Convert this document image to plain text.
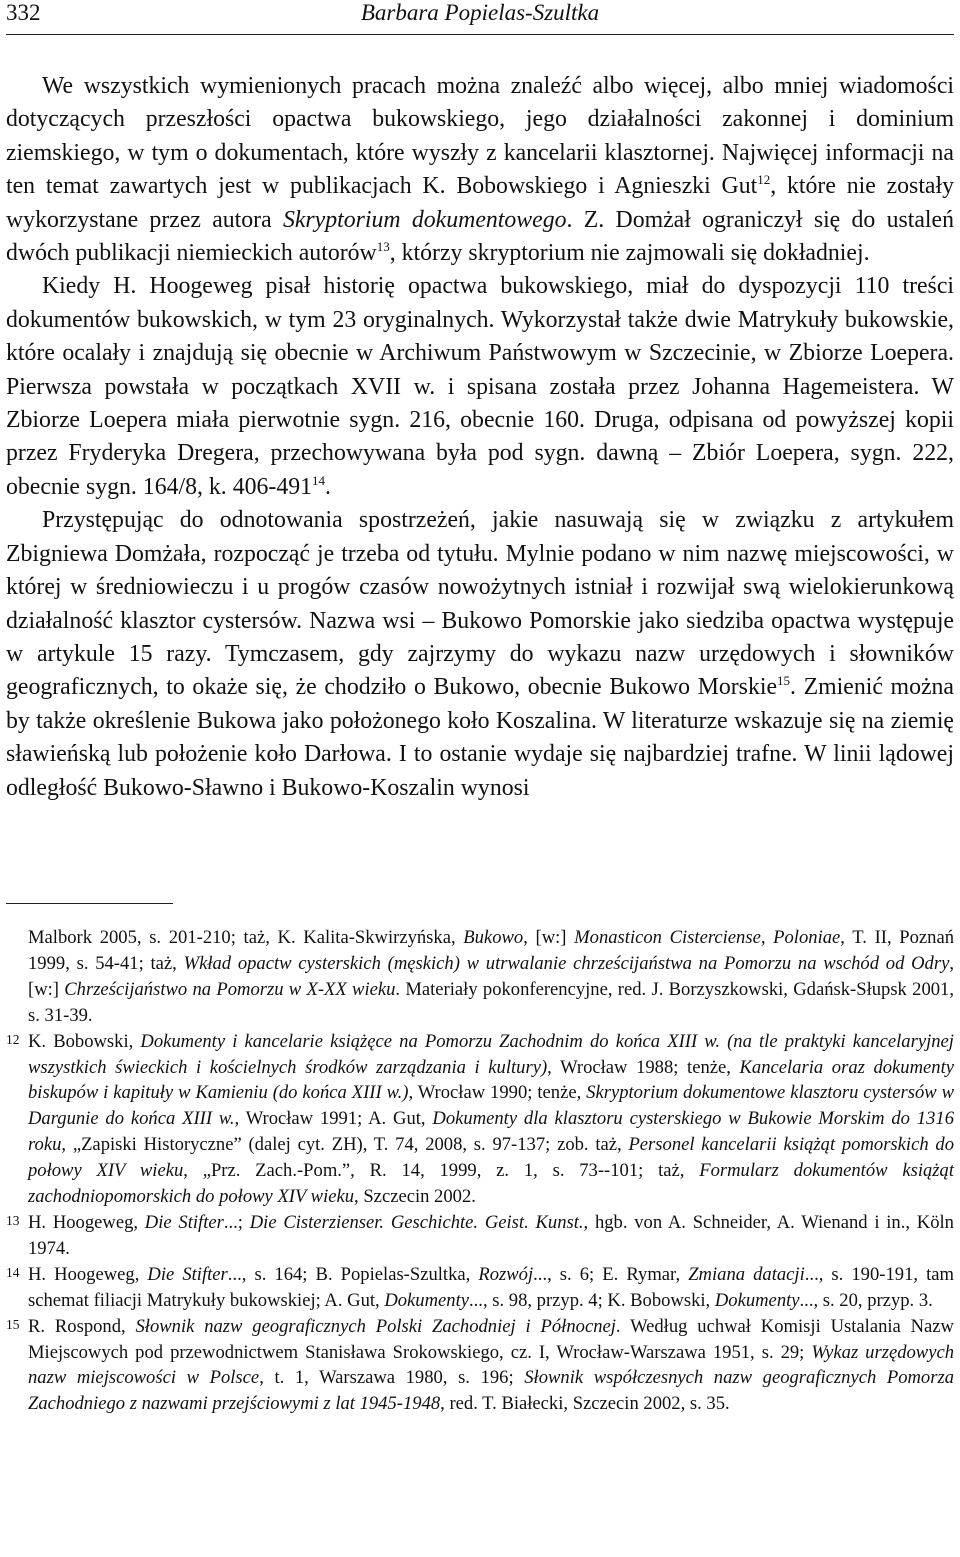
332	Barbara Popielas-Szultka

We wszystkich wymienionych pracach można znaleźć albo więcej, albo mniej wiadomości dotyczących przeszłości opactwa bukowskiego, jego działalności zakonnej i dominium ziemskiego, w tym o dokumentach, które wyszły z kancelarii klasztornej. Najwięcej informacji na ten temat zawartych jest w publikacjach K. Bobowskiego i Agnieszki Gut$^{12}$, które nie zostały wykorzystane przez autora Skryptorium dokumentowego. Z. Domżał ograniczył się do ustaleń dwóch publikacji niemieckich autorów$^{13}$, którzy skryptorium nie zajmowali się dokładniej.

Kiedy H. Hoogeweg pisał historię opactwa bukowskiego, miał do dyspozycji 110 treści dokumentów bukowskich, w tym 23 oryginalnych. Wykorzystał także dwie Matrykuły bukowskie, które ocalały i znajdują się obecnie w Archiwum Państwowym w Szczecinie, w Zbiorze Loepera. Pierwsza powstała w początkach XVII w. i spisana została przez Johanna Hagemeistera. W Zbiorze Loepera miała pierwotnie sygn. 216, obecnie 160. Druga, odpisana od powyższej kopii przez Fryderyka Dregera, przechowywana była pod sygn. dawną – Zbiór Loepera, sygn. 222, obecnie sygn. 164/8, k. $406-491^{14}$.

Przystępując do odnotowania spostrzeżeń, jakie nasuwają się w związku z artykułem Zbigniewa Domżała, rozpocząć je trzeba od tytułu. Mylnie podano w nim nazwę miejscowości, w której w średniowieczu i u progów czasów nowożytnych istniał i rozwijał swą wielokierunkową działalność klasztor cystersów. Nazwa wsi – Bukowo Pomorskie jako siedziba opactwa występuje w artykule 15 razy. Tymczasem, gdy zajrzymy do wykazu nazw urzędowych i słowników geograficznych, to okaże się, że chodziło o Bukowo, obecnie Bukowo Morskie$^{15}$. Zmienić można by także określenie Bukowa jako położonego koło Koszalina. W literaturze wskazuje się na ziemię sławieńską lub położenie koło Darłowa. I to ostanie wydaje się najbardziej trafne. W linii lądowej odległość Bukowo-Sławno i Bukowo-Koszalin wynosi

Malbork 2005, s. 201-210; taż, K. Kalita-Skwirzyńska, Bukowo, [w:] Monasticon Cisterciense, Poloniae, T. II, Poznań 1999, s. 54-41; taż, Wkład opactw cysterskich (męskich) w utrwalanie chrześcijaństwa na Pomorzu na wschód od Odry, [w:] Chrześcijaństwo na Pomorzu w X-XX wieku. Materiały pokonferencyjne, red. J. Borzyszkowski, Gdańsk-Słupsk 2001, s. 31-39.

12 K. Bobowski, Dokumenty i kancelarie książęce na Pomorzu Zachodnim do końca XIII w. (na tle praktyki kancelaryjnej wszystkich świeckich i kościelnych środków zarządzania i kultury), Wrocław 1988; tenże, Kancelaria oraz dokumenty biskupów i kapituły w Kamieniu (do końca XIII w.), Wrocław 1990; tenże, Skryptorium dokumentowe klasztoru cystersów w Dargunie do końca XIII w., Wrocław 1991; A. Gut, Dokumenty dla klasztoru cysterskiego w Bukowie Morskim do 1316 roku, „Zapiski Historyczne” (dalej cyt. ZH), T. 74, 2008, s. 97-137; zob. taż, Personel kancelarii książąt pomorskich do połowy XIV wieku, „Prz. Zach.-Pom.”, R. 14, 1999, z. 1, s. 73--101; taż, Formularz dokumentów książąt zachodniopomorskich do połowy XIV wieku, Szczecin 2002.

13 H. Hoogeweg, Die Stifter...; Die Cisterzienser. Geschichte. Geist. Kunst., hgb. von A. Schneider, A. Wienand i in., Köln 1974.

14 H. Hoogeweg, Die Stifter..., s. 164; B. Popielas-Szultka, Rozwój..., s. 6; E. Rymar, Zmiana datacji..., s. 190-191, tam schemat filiacji Matrykuły bukowskiej; A. Gut, Dokumenty..., s. 98, przyp. 4; K. Bobowski, Dokumenty..., s. 20, przyp. 3.

15 R. Rospond, Słownik nazw geograficznych Polski Zachodniej i Północnej. Według uchwał Komisji Ustalania Nazw Miejscowych pod przewodnictwem Stanisława Srokowskiego, cz. I, Wrocław-Warszawa 1951, s. 29; Wykaz urzędowych nazw miejscowości w Polsce, t. 1, Warszawa 1980, s. 196; Słownik współczesnych nazw geograficznych Pomorza Zachodniego z nazwami przejściowymi z lat 1945-1948, red. T. Białecki, Szczecin 2002, s. 35.
